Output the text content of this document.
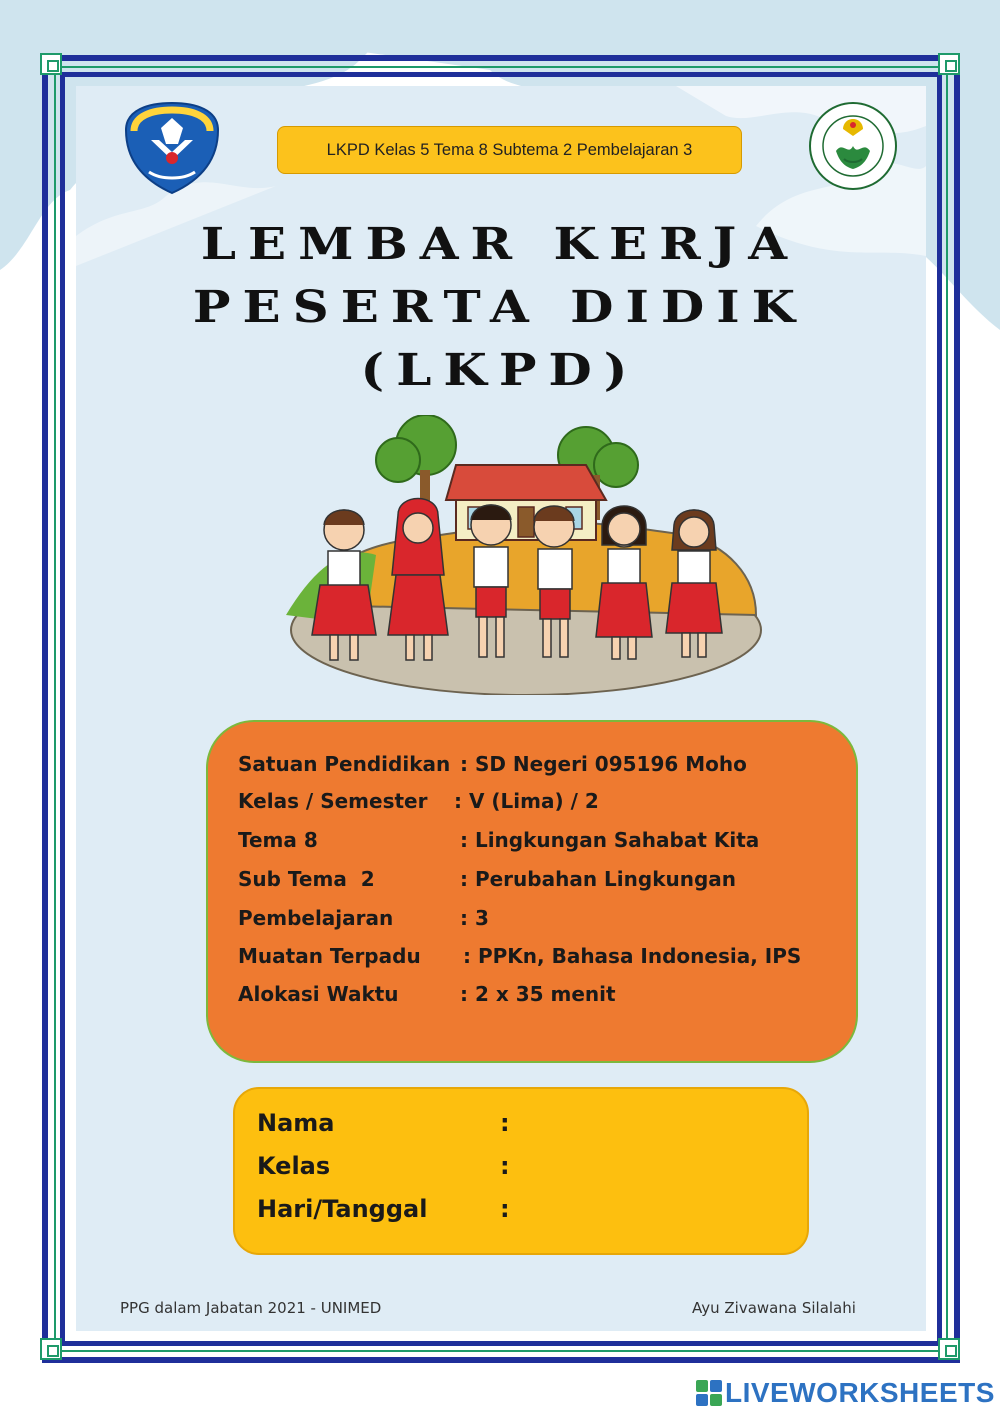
LKPD Kelas 5 Tema 8 Subtema 2 Pembelajaran 3
LEMBAR KERJA
PESERTA DIDIK
(LKPD)
Satuan Pendidikan : SD Negeri 095196 Moho
Kelas / Semester : V (Lima) / 2
Tema 8	: Lingkungan Sahabat Kita
Sub Tema  2	: Perubahan Lingkungan
Pembelajaran	: 3
Muatan Terpadu : PPKn, Bahasa Indonesia, IPS
Alokasi Waktu	: 2 x 35 menit
Nama	:
Kelas	:
Hari/Tanggal	:
PPG dalam Jabatan 2021 - UNIMED	Ayu Zivawana Silalahi
LIVEWORKSHEETS
